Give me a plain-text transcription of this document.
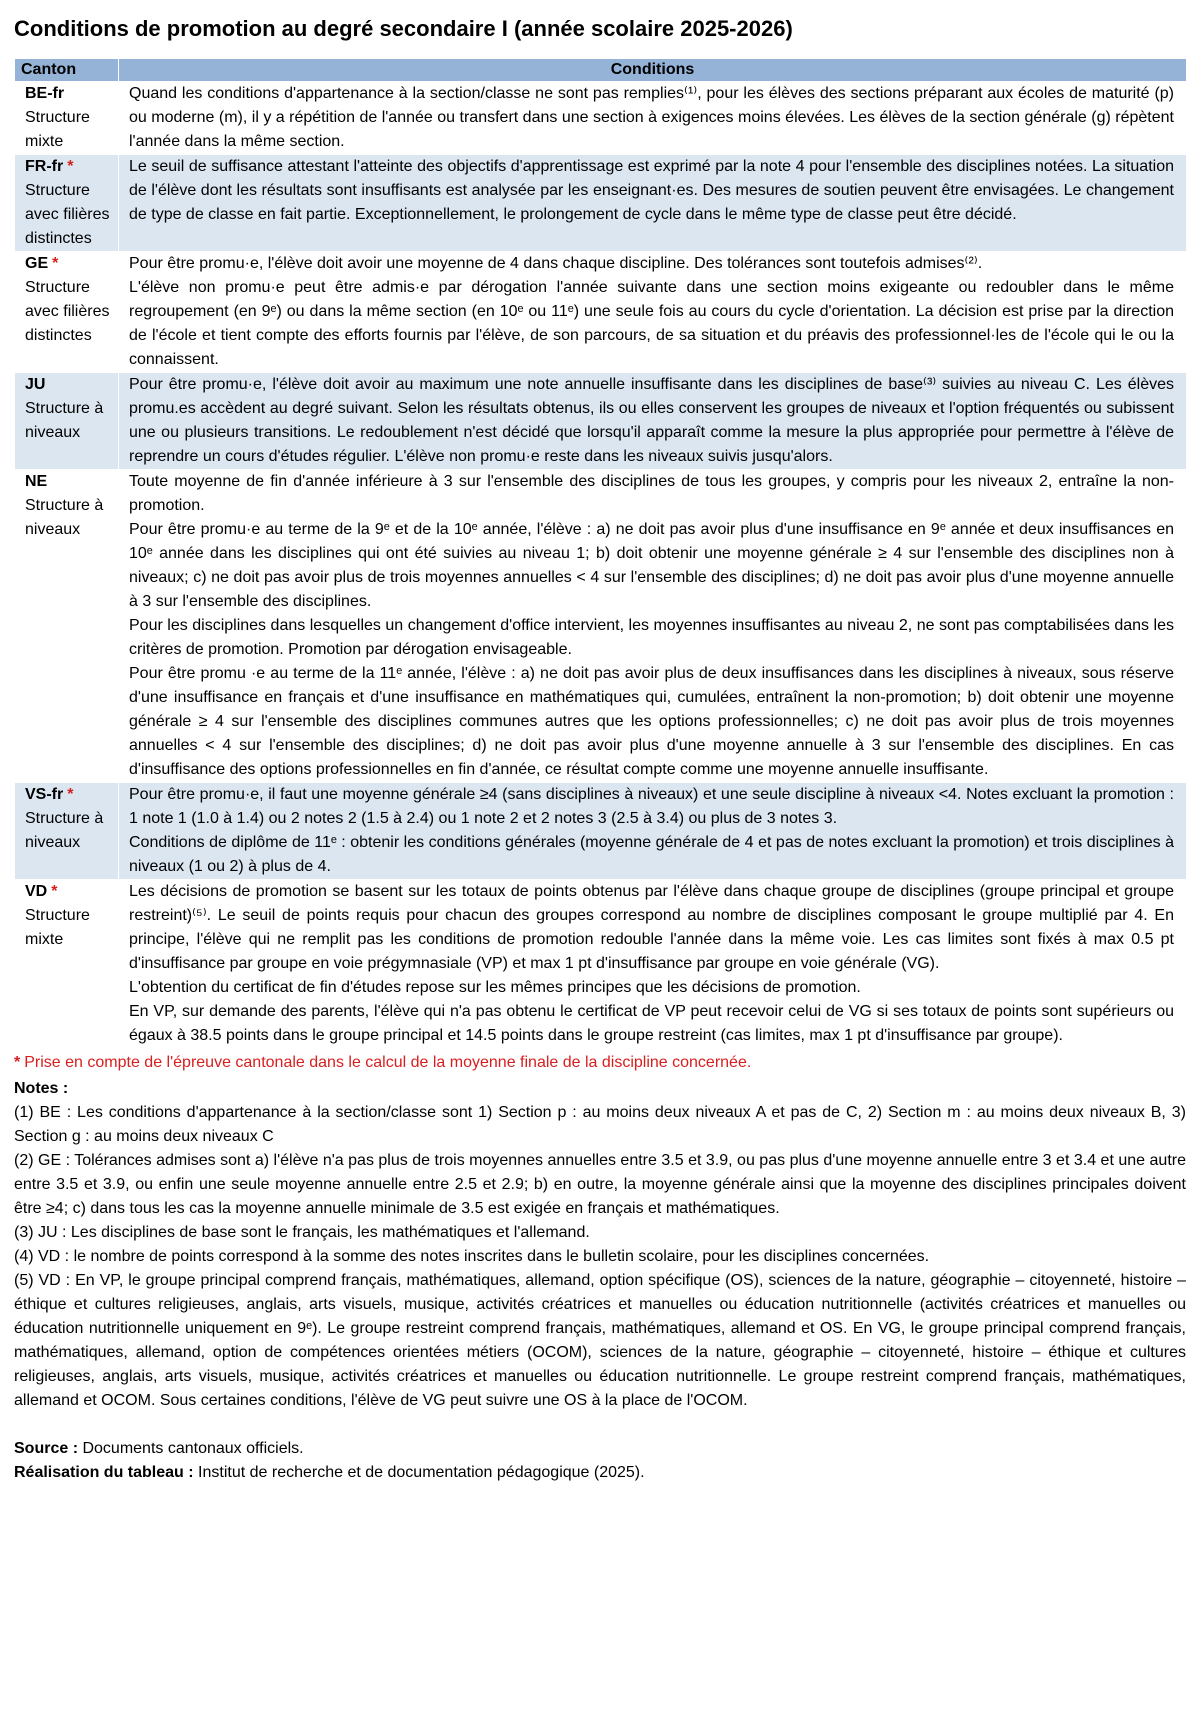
Conditions de promotion au degré secondaire I (année scolaire 2025-2026)
Canton	Conditions
BE-fr
Structure mixte	Quand les conditions d'appartenance à la section/classe ne sont pas remplies⁽¹⁾, pour les élèves des sections préparant aux écoles de maturité (p) ou moderne (m), il y a répétition de l'année ou transfert dans une section à exigences moins élevées. Les élèves de la section générale (g) répètent l'année dans la même section.

FR-fr *
Structure avec filières distinctes	Le seuil de suffisance attestant l'atteinte des objectifs d'apprentissage est exprimé par la note 4 pour l'ensemble des disciplines notées. La situation de l'élève dont les résultats sont insuffisants est analysée par les enseignant·es. Des mesures de soutien peuvent être envisagées. Le changement de type de classe en fait partie. Exceptionnellement, le prolongement de cycle dans le même type de classe peut être décidé.

GE *
Structure avec filières distinctes	Pour être promu·e, l'élève doit avoir une moyenne de 4 dans chaque discipline. Des tolérances sont toutefois admises⁽²⁾.
L'élève non promu·e peut être admis·e par dérogation l'année suivante dans une section moins exigeante ou redoubler dans le même regroupement (en 9ᵉ) ou dans la même section (en 10ᵉ ou 11ᵉ) une seule fois au cours du cycle d'orientation. La décision est prise par la direction de l'école et tient compte des efforts fournis par l'élève, de son parcours, de sa situation et du préavis des professionnel·les de l'école qui le ou la connaissent.

JU
Structure à niveaux	Pour être promu·e, l'élève doit avoir au maximum une note annuelle insuffisante dans les disciplines de base⁽³⁾ suivies au niveau C. Les élèves promu.es accèdent au degré suivant. Selon les résultats obtenus, ils ou elles conservent les groupes de niveaux et l'option fréquentés ou subissent une ou plusieurs transitions. Le redoublement n'est décidé que lorsqu'il apparaît comme la mesure la plus appropriée pour permettre à l'élève de reprendre un cours d'études régulier. L'élève non promu·e reste dans les niveaux suivis jusqu'alors.

NE
Structure à niveaux	Toute moyenne de fin d'année inférieure à 3 sur l'ensemble des disciplines de tous les groupes, y compris pour les niveaux 2, entraîne la non-promotion.
Pour être promu·e au terme de la 9ᵉ et de la 10ᵉ année, l'élève : a) ne doit pas avoir plus d'une insuffisance en 9ᵉ année et deux insuffisances en 10ᵉ année dans les disciplines qui ont été suivies au niveau 1; b) doit obtenir une moyenne générale ≥ 4 sur l'ensemble des disciplines non à niveaux; c) ne doit pas avoir plus de trois moyennes annuelles < 4 sur l'ensemble des disciplines; d) ne doit pas avoir plus d'une moyenne annuelle à 3 sur l'ensemble des disciplines.
Pour les disciplines dans lesquelles un changement d'office intervient, les moyennes insuffisantes au niveau 2, ne sont pas comptabilisées dans les critères de promotion. Promotion par dérogation envisageable.
Pour être promu ·e au terme de la 11ᵉ année, l'élève : a) ne doit pas avoir plus de deux insuffisances dans les disciplines à niveaux, sous réserve d'une insuffisance en français et d'une insuffisance en mathématiques qui, cumulées, entraînent la non-promotion; b) doit obtenir une moyenne générale ≥ 4 sur l'ensemble des disciplines communes autres que les options professionnelles; c) ne doit pas avoir plus de trois moyennes annuelles < 4 sur l'ensemble des disciplines; d) ne doit pas avoir plus d'une moyenne annuelle à 3 sur l'ensemble des disciplines. En cas d'insuffisance des options professionnelles en fin d'année, ce résultat compte comme une moyenne annuelle insuffisante.

VS-fr *
Structure à niveaux	Pour être promu·e, il faut une moyenne générale ≥4 (sans disciplines à niveaux) et une seule discipline à niveaux <4. Notes excluant la promotion : 1 note 1 (1.0 à 1.4) ou 2 notes 2 (1.5 à 2.4) ou 1 note 2 et 2 notes 3 (2.5 à 3.4) ou plus de 3 notes 3.
Conditions de diplôme de 11ᵉ : obtenir les conditions générales (moyenne générale de 4 et pas de notes excluant la promotion) et trois disciplines à niveaux (1 ou 2) à plus de 4.

VD *
Structure mixte	Les décisions de promotion se basent sur les totaux de points obtenus par l'élève dans chaque groupe de disciplines (groupe principal et groupe restreint)⁽⁵⁾. Le seuil de points requis pour chacun des groupes correspond au nombre de disciplines composant le groupe multiplié par 4. En principe, l'élève qui ne remplit pas les conditions de promotion redouble l'année dans la même voie. Les cas limites sont fixés à max 0.5 pt d'insuffisance par groupe en voie prégymnasiale (VP) et max 1 pt d'insuffisance par groupe en voie générale (VG).
L'obtention du certificat de fin d'études repose sur les mêmes principes que les décisions de promotion.
En VP, sur demande des parents, l'élève qui n'a pas obtenu le certificat de VP peut recevoir celui de VG si ses totaux de points sont supérieurs ou égaux à 38.5 points dans le groupe principal et 14.5 points dans le groupe restreint (cas limites, max 1 pt d'insuffisance par groupe).
* Prise en compte de l'épreuve cantonale dans le calcul de la moyenne finale de la discipline concernée.
Notes :
(1) BE : Les conditions d'appartenance à la section/classe sont 1) Section p : au moins deux niveaux A et pas de C, 2) Section m : au moins deux niveaux B, 3) Section g : au moins deux niveaux C
(2) GE : Tolérances admises sont a) l'élève n'a pas plus de trois moyennes annuelles entre 3.5 et 3.9, ou pas plus d'une moyenne annuelle entre 3 et 3.4 et une autre entre 3.5 et 3.9, ou enfin une seule moyenne annuelle entre 2.5 et 2.9; b) en outre, la moyenne générale ainsi que la moyenne des disciplines principales doivent être ≥4; c) dans tous les cas la moyenne annuelle minimale de 3.5 est exigée en français et mathématiques.
(3) JU : Les disciplines de base sont le français, les mathématiques et l'allemand.
(4) VD : le nombre de points correspond à la somme des notes inscrites dans le bulletin scolaire, pour les disciplines concernées.
(5) VD : En VP, le groupe principal comprend français, mathématiques, allemand, option spécifique (OS), sciences de la nature, géographie – citoyenneté, histoire – éthique et cultures religieuses, anglais, arts visuels, musique, activités créatrices et manuelles ou éducation nutritionnelle (activités créatrices et manuelles ou éducation nutritionnelle uniquement en 9ᵉ). Le groupe restreint comprend français, mathématiques, allemand et OS. En VG, le groupe principal comprend français, mathématiques, allemand, option de compétences orientées métiers (OCOM), sciences de la nature, géographie – citoyenneté, histoire – éthique et cultures religieuses, anglais, arts visuels, musique, activités créatrices et manuelles ou éducation nutritionnelle. Le groupe restreint comprend français, mathématiques, allemand et OCOM. Sous certaines conditions, l'élève de VG peut suivre une OS à la place de l'OCOM.
Source : Documents cantonaux officiels.
Réalisation du tableau : Institut de recherche et de documentation pédagogique (2025).
